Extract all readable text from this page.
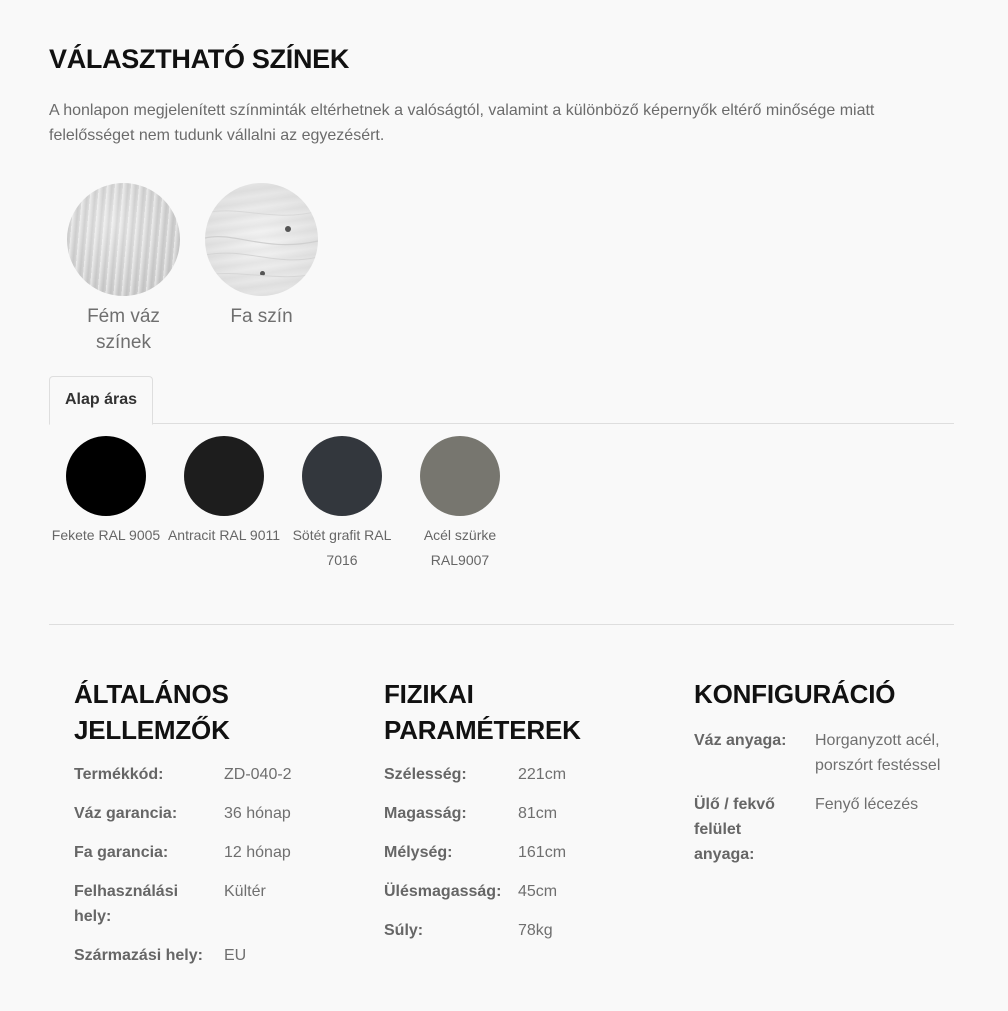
VÁLASZTHATÓ SZÍNEK
A honlapon megjelenített színminták eltérhetnek a valóságtól, valamint a különböző képernyők eltérő minősége miatt felelősséget nem tudunk vállalni az egyezésért.
Fém váz színek
Fa szín
Alap áras
Fekete RAL 9005 Antracit RAL 9011 Sötét grafit RAL 7016
Acél szürke RAL9007
ÁLTALÁNOS JELLEMZŐK
Termékkód:	ZD-040-2
Váz garancia:	36 hónap
Fa garancia:	12 hónap
Felhasználási hely:
Kültér
Származási hely:	EU
FIZIKAI PARAMÉTEREK
Szélesség:	221cm
Magasság:	81cm
Mélység:	161cm
Ülésmagasság:	45cm
Súly:	78kg
KONFIGURÁCIÓ
Váz anyaga:	Horganyzott acél, porszórt festéssel
Ülő / fekvő felület anyaga:
Fenyő lécezés
